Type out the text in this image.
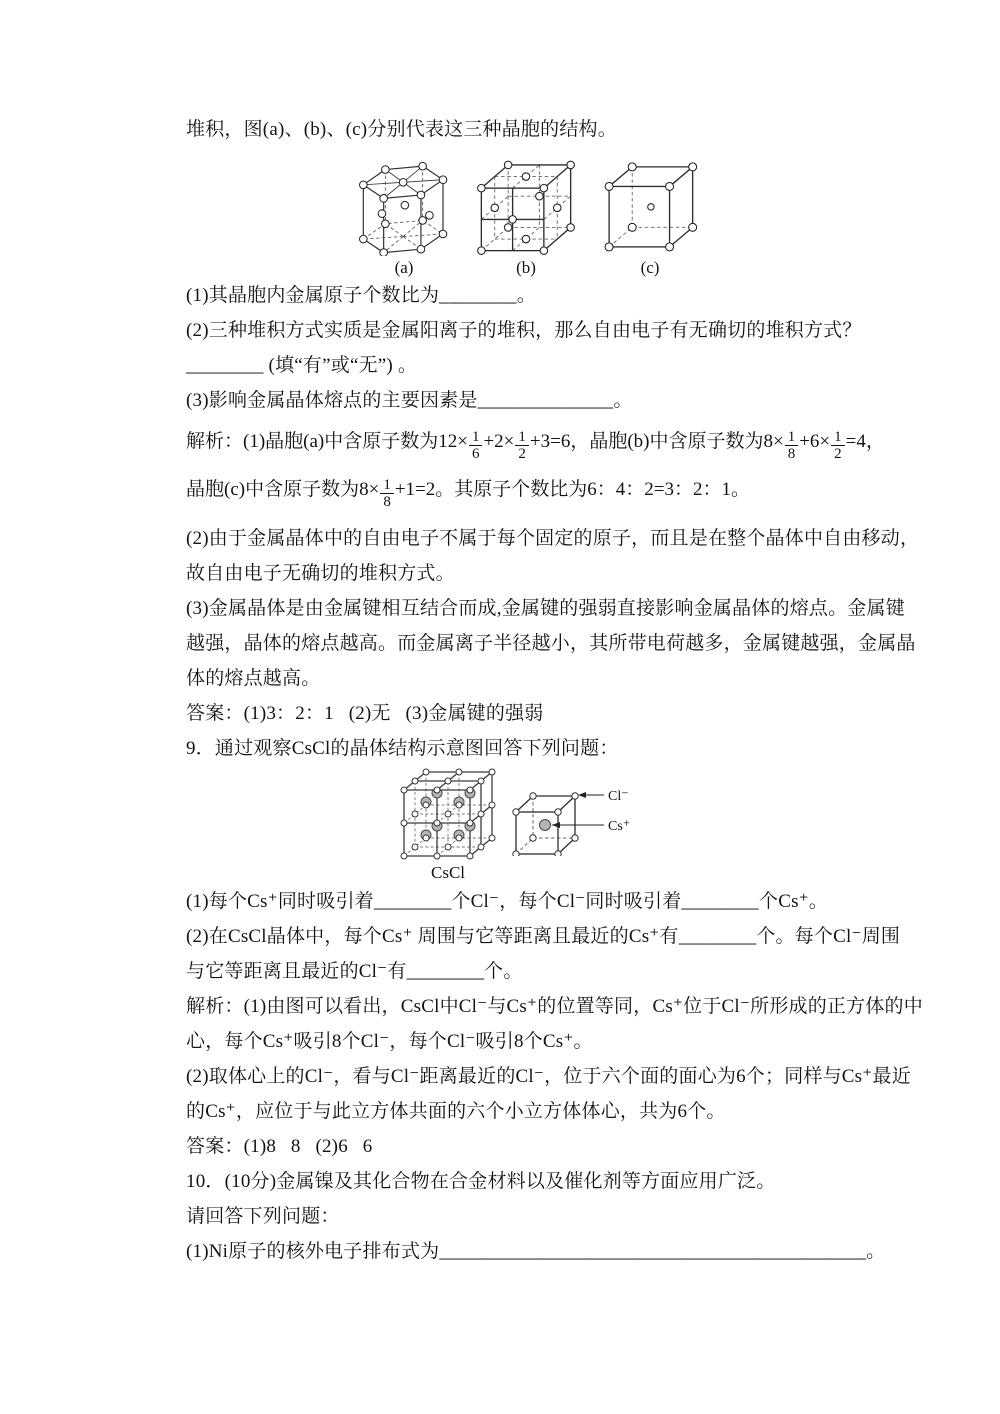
堆积，图(a)、(b)、(c)分别代表这三种晶胞的结构。
(a)	(b)	(c)
(1)其晶胞内金属原子个数比为________。
(2)三种堆积方式实质是金属阳离子的堆积，那么自由电子有无确切的堆积方式？
________ (填“有”或“无”) 。
(3)影响金属晶体熔点的主要因素是______________。
解析：(1)晶胞(a)中含原子数为$12\times \frac{1}{6} +2\times \frac{1}{2} +3=6$，晶胞(b)中含原子数为$8\times \frac{1}{8} +6\times \frac{1}{2} =4$，
晶胞(c)中含原子数为$8\times \frac{1}{8} +1=2$。其原子个数比为6：4：2=3：2：1。
(2)由于金属晶体中的自由电子不属于每个固定的原子，而且是在整个晶体中自由移动，
故自由电子无确切的堆积方式。
(3)金属晶体是由金属键相互结合而成,金属键的强弱直接影响金属晶体的熔点。金属键
越强，晶体的熔点越高。而金属离子半径越小，其所带电荷越多，金属键越强，金属晶
体的熔点越高。
答案：(1)3：2：1   (2)无   (3)金属键的强弱
9．通过观察CsCl的晶体结构示意图回答下列问题：
CsCl
Cl⁻
Cs⁺
(1)每个Cs⁺同时吸引着________个Cl⁻，每个Cl⁻同时吸引着________个Cs⁺。
(2)在CsCl晶体中，每个Cs⁺ 周围与它等距离且最近的Cs⁺有________个。每个Cl⁻周围
与它等距离且最近的Cl⁻有________个。
解析：(1)由图可以看出，CsCl中Cl⁻与Cs⁺的位置等同，Cs⁺位于Cl⁻所形成的正方体的中
心，每个Cs⁺吸引8个Cl⁻，每个Cl⁻吸引8个Cs⁺。
(2)取体心上的Cl⁻，看与Cl⁻距离最近的Cl⁻，位于六个面的面心为6个；同样与Cs⁺最近
的Cs⁺，应位于与此立方体共面的六个小立方体体心，共为6个。
答案：(1)8   8   (2)6   6
10．(10分)金属镍及其化合物在合金材料以及催化剂等方面应用广泛。
请回答下列问题：
(1)Ni原子的核外电子排布式为____________________________________________。
